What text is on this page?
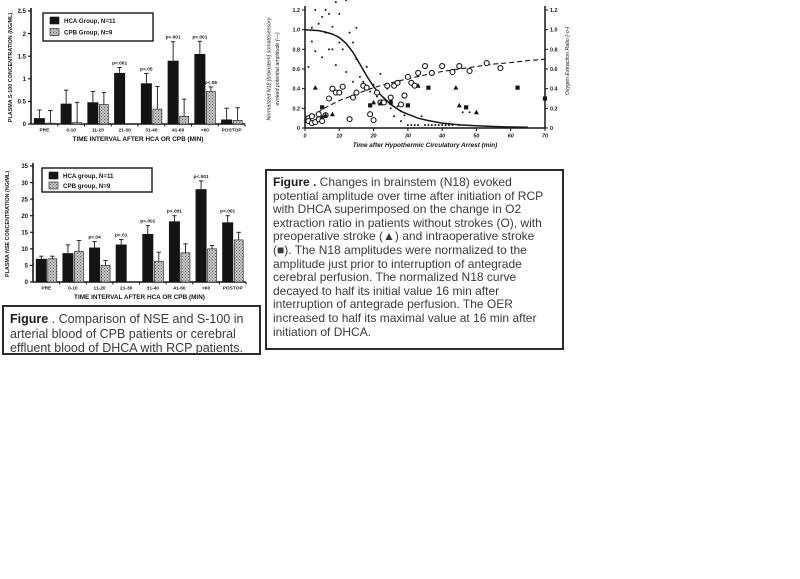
0
0.5
1
1.5
2
2.5
PRE	0-10	11-20	21-30
p<.001
31-40
p<.05
41-60
p<.001
>60
p<.001
p<.05
POSTOP
TIME INTERVAL AFTER HCA OR CPB (MIN)
PLASMA S-100 CONCENTRATION (NG/ML)	HCA Group, N=11
CPB Group, N=9
0	0
0.2	0.2
0.4	0.4
0.6	0.6
0.8	0.8
1.0	1.0
1.2	1.2
0	10	20	30	40	50	60	70
Normalized N18 [brainstem] somatosensory evoked potential amplitude (—)	Oxygen Extraction Ratio (-o-)
Time after Hypothermic Circulatory Arrest (min)
0
5
10
15
20
25
30
35
PRE	0-10	11-20
p<.04
21-30
p<.01
31-40
p<.001
41-60
p<.001
>60
p<.001
POSTOP
p<.001
TIME INTERVAL AFTER HCA OR CPB (MIN)
PLASMA NSE CONCENTRATION (NG/ML)	HCA group, N=11
CPB group, N=9
Figure . Comparison of NSE and S-100 in arterial blood of CPB patients or cerebral effluent blood of DHCA with RCP patients.
Figure . Changes in brainstem (N18) evoked potential amplitude over time after initiation of RCP with DHCA superimposed on the change in O2 extraction ratio in patients without strokes (O), with preoperative stroke (▲) and intraoperative stroke (■). The N18 amplitudes were normalized to the amplitude just prior to interruption of antegrade cerebral perfusion. The normalized N18 curve decayed to half its initial value 16 min after interruption of antegrade perfusion. The OER increased to half its maximal value at 16 min after initiation of DHCA.
